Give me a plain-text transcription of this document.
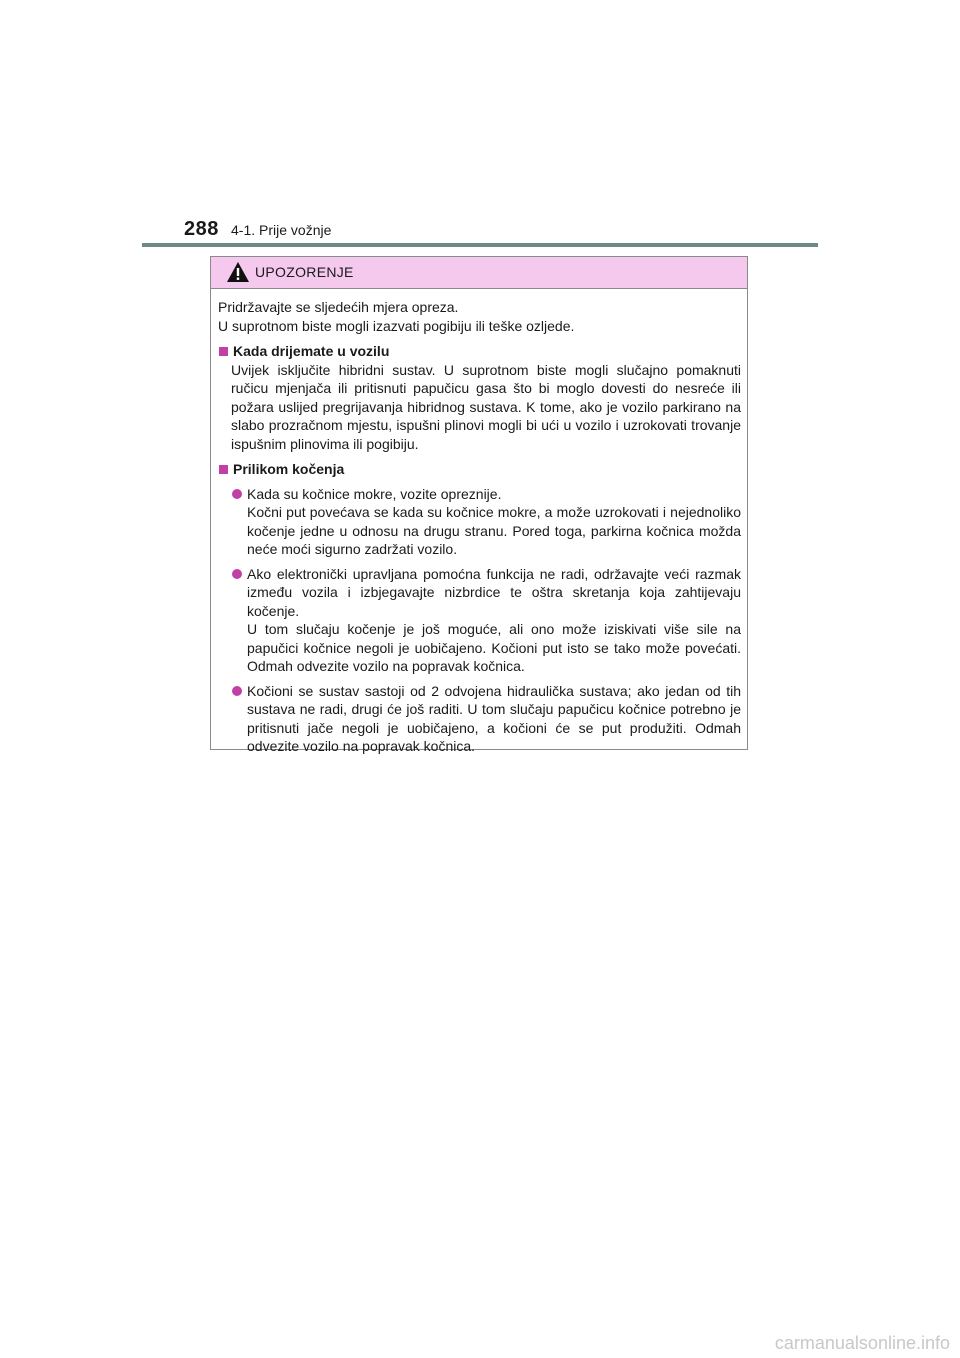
288 4-1. Prije vožnje
UPOZORENJE

Pridržavajte se sljedećih mjera opreza.

U suprotnom biste mogli izazvati pogibiju ili teške ozljede.

Kada drijemate u vozilu

Uvijek isključite hibridni sustav. U suprotnom biste mogli slučajno pomaknuti ručicu mjenjača ili pritisnuti papučicu gasa što bi moglo dovesti do nesreće ili požara uslijed pregrijavanja hibridnog sustava. K tome, ako je vozilo parkirano na slabo prozračnom mjestu, ispušni plinovi mogli bi ući u vozilo i uzrokovati trovanje ispušnim plinovima ili pogibiju.

Prilikom kočenja

Kada su kočnice mokre, vozite opreznije.

Kočni put povećava se kada su kočnice mokre, a može uzrokovati i nejednoliko kočenje jedne u odnosu na drugu stranu. Pored toga, parkirna kočnica možda neće moći sigurno zadržati vozilo.

Ako elektronički upravljana pomoćna funkcija ne radi, održavajte veći razmak između vozila i izbjegavajte nizbrdice te oštra skretanja koja zahtijevaju kočenje.

U tom slučaju kočenje je još moguće, ali ono može iziskivati više sile na papučici kočnice negoli je uobičajeno. Kočioni put isto se tako može povećati. Odmah odvezite vozilo na popravak kočnica.

Kočioni se sustav sastoji od 2 odvojena hidraulička sustava; ako jedan od tih sustava ne radi, drugi će još raditi. U tom slučaju papučicu kočnice potrebno je pritisnuti jače negoli je uobičajeno, a kočioni će se put produžiti. Odmah odvezite vozilo na popravak kočnica.

carmanualsonline.info
